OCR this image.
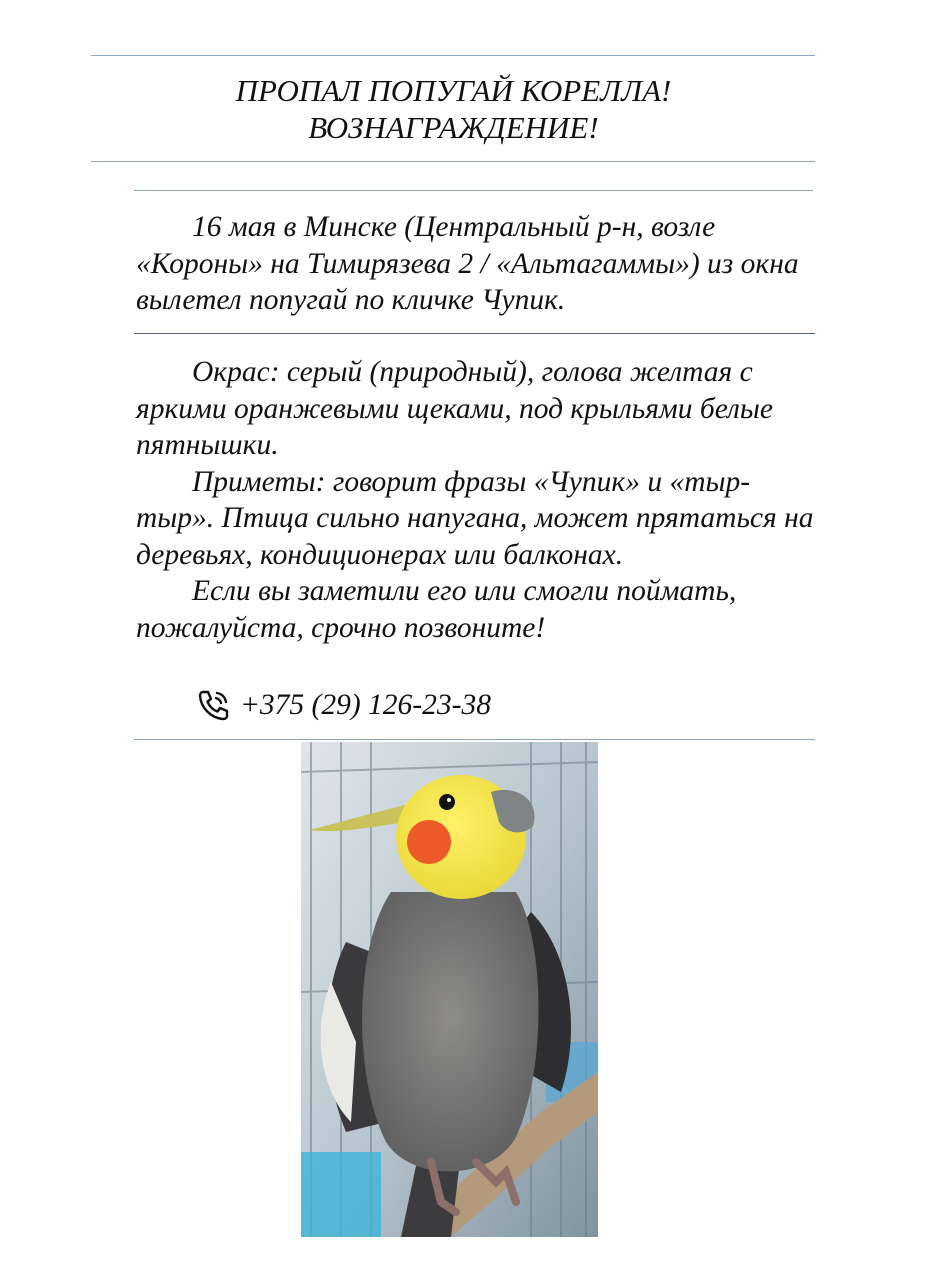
ПРОПАЛ ПОПУГАЙ КОРЕЛЛА!
ВОЗНАГРАЖДЕНИЕ!

16 мая в Минске (Центральный р-н, возле «Короны» на Тимирязева 2 / «Альтагаммы») из окна вылетел попугай по кличке Чупик.

Окрас: серый (природный), голова желтая с яркими оранжевыми щеками, под крыльями белые пятнышки.

Приметы: говорит фразы «Чупик» и «тыр-тыр». Птица сильно напугана, может прятаться на деревьях, кондиционерах или балконах.

Если вы заметили его или смогли поймать, пожалуйста, срочно позвоните!

+375 (29) 126-23-38
